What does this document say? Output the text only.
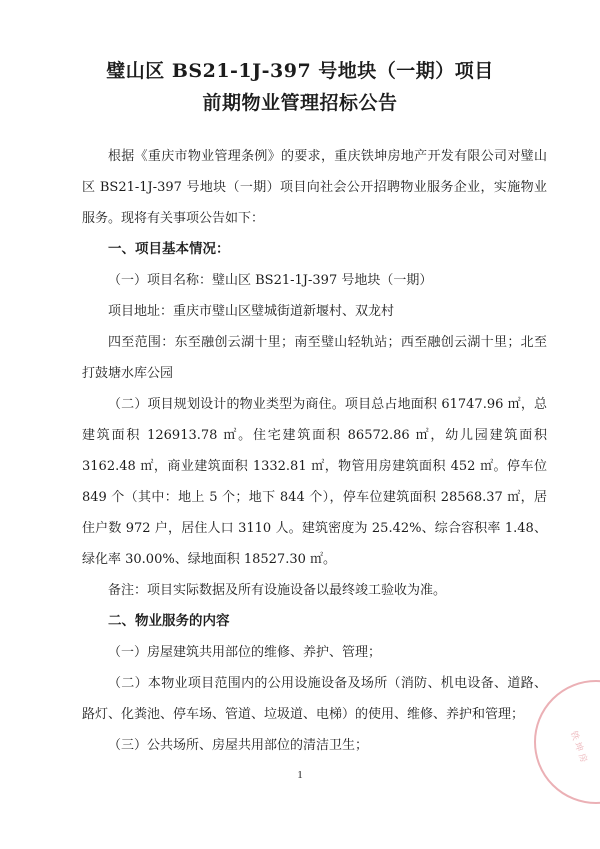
璧山区 BS21-1J-397 号地块（一期）项目
前期物业管理招标公告

根据《重庆市物业管理条例》的要求，重庆铁坤房地产开发有限公司对璧山区 BS21-1J-397 号地块（一期）项目向社会公开招聘物业服务企业，实施物业服务。现将有关事项公告如下：

一、项目基本情况：

（一）项目名称：璧山区 BS21-1J-397 号地块（一期）

项目地址：重庆市璧山区璧城街道新堰村、双龙村

四至范围：东至融创云湖十里；南至璧山轻轨站；西至融创云湖十里；北至打鼓塘水库公园

（二）项目规划设计的物业类型为商住。项目总占地面积 61747.96 ㎡，总建筑面积 126913.78 ㎡。住宅建筑面积 86572.86 ㎡，幼儿园建筑面积 3162.48 ㎡，商业建筑面积 1332.81 ㎡，物管用房建筑面积 452 ㎡。停车位 849 个（其中：地上 5 个；地下 844 个），停车位建筑面积 28568.37 ㎡，居住户数 972 户，居住人口 3110 人。建筑密度为 25.42%、综合容积率 1.48、绿化率 30.00%、绿地面积 18527.30 ㎡。

备注：项目实际数据及所有设施设备以最终竣工验收为准。

二、物业服务的内容

（一）房屋建筑共用部位的维修、养护、管理；

（二）本物业项目范围内的公用设施设备及场所（消防、机电设备、道路、路灯、化粪池、停车场、管道、垃圾道、电梯）的使用、维修、养护和管理；

（三）公共场所、房屋共用部位的清洁卫生；

1
铁 坤 房
